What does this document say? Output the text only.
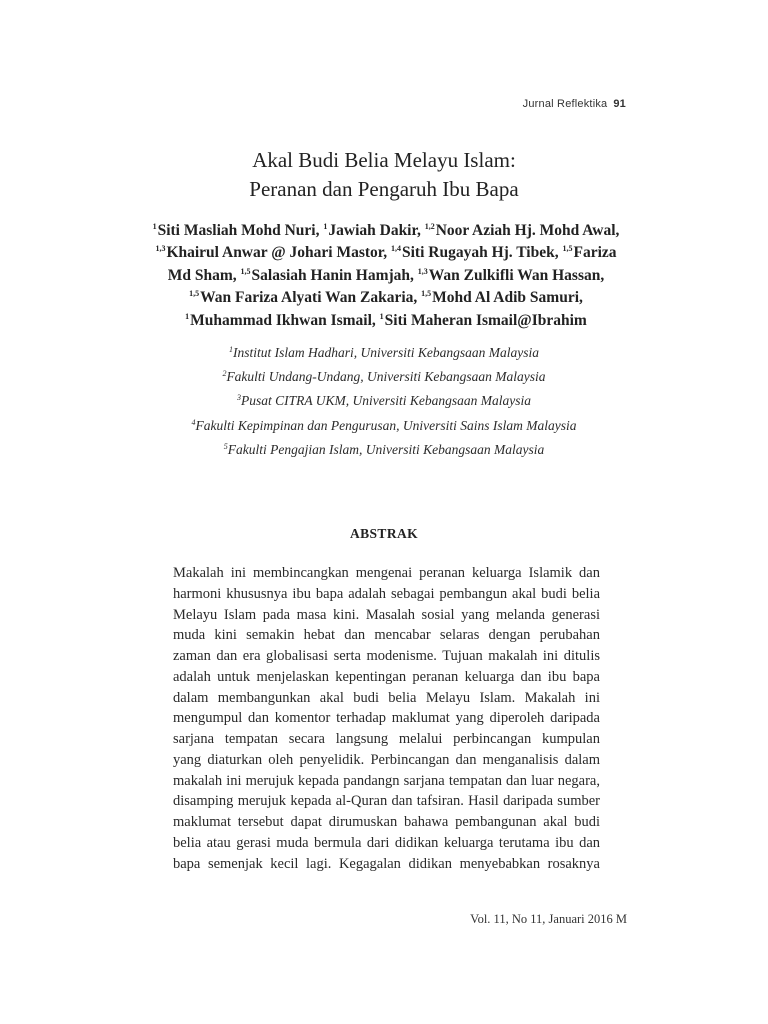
Jurnal Reflektika 91
Akal Budi Belia Melayu Islam:
Peranan dan Pengaruh Ibu Bapa
$^1$Siti Masliah Mohd Nuri, $^1$Jawiah Dakir, $^{1,2}$Noor Aziah Hj. Mohd Awal, $^{1,3}$Khairul Anwar @ Johari Mastor, $^{1,4}$Siti Rugayah Hj. Tibek, $^{1,5}$Fariza Md Sham, $^{1,5}$Salasiah Hanin Hamjah, $^{1,3}$Wan Zulkifli Wan Hassan, $^{1,5}$Wan Fariza Alyati Wan Zakaria, $^{1,5}$Mohd Al Adib Samuri, $^1$Muhammad Ikhwan Ismail, $^1$Siti Maheran Ismail@Ibrahim
$^1$Institut Islam Hadhari, Universiti Kebangsaan Malaysia
$^2$Fakulti Undang-Undang, Universiti Kebangsaan Malaysia
$^3$Pusat CITRA UKM, Universiti Kebangsaan Malaysia
$^4$Fakulti Kepimpinan dan Pengurusan, Universiti Sains Islam Malaysia
$^5$Fakulti Pengajian Islam, Universiti Kebangsaan Malaysia
ABSTRAK
Makalah ini membincangkan mengenai peranan keluarga Islamik dan
harmoni khususnya ibu bapa adalah sebagai pembangun akal budi belia
Melayu Islam pada masa kini. Masalah sosial yang melanda generasi
muda kini semakin hebat dan mencabar selaras dengan perubahan
zaman dan era globalisasi serta modenisme. Tujuan makalah ini ditulis
adalah untuk menjelaskan kepentingan peranan keluarga dan ibu bapa
dalam membangunkan akal budi belia Melayu Islam. Makalah ini
mengumpul dan komentor terhadap maklumat yang diperoleh daripada
sarjana tempatan secara langsung melalui perbincangan kumpulan
yang diaturkan oleh penyelidik. Perbincangan dan menganalisis dalam
makalah ini merujuk kepada pandangn sarjana tempatan dan luar negara,
disamping merujuk kepada al-Quran dan tafsiran. Hasil daripada sumber
maklumat tersebut dapat dirumuskan bahawa pembangunan akal budi
belia atau gerasi muda bermula dari didikan keluarga terutama ibu dan
bapa semenjak kecil lagi. Kegagalan didikan menyebabkan rosaknya
Vol. 11, No 11, Januari 2016 M
